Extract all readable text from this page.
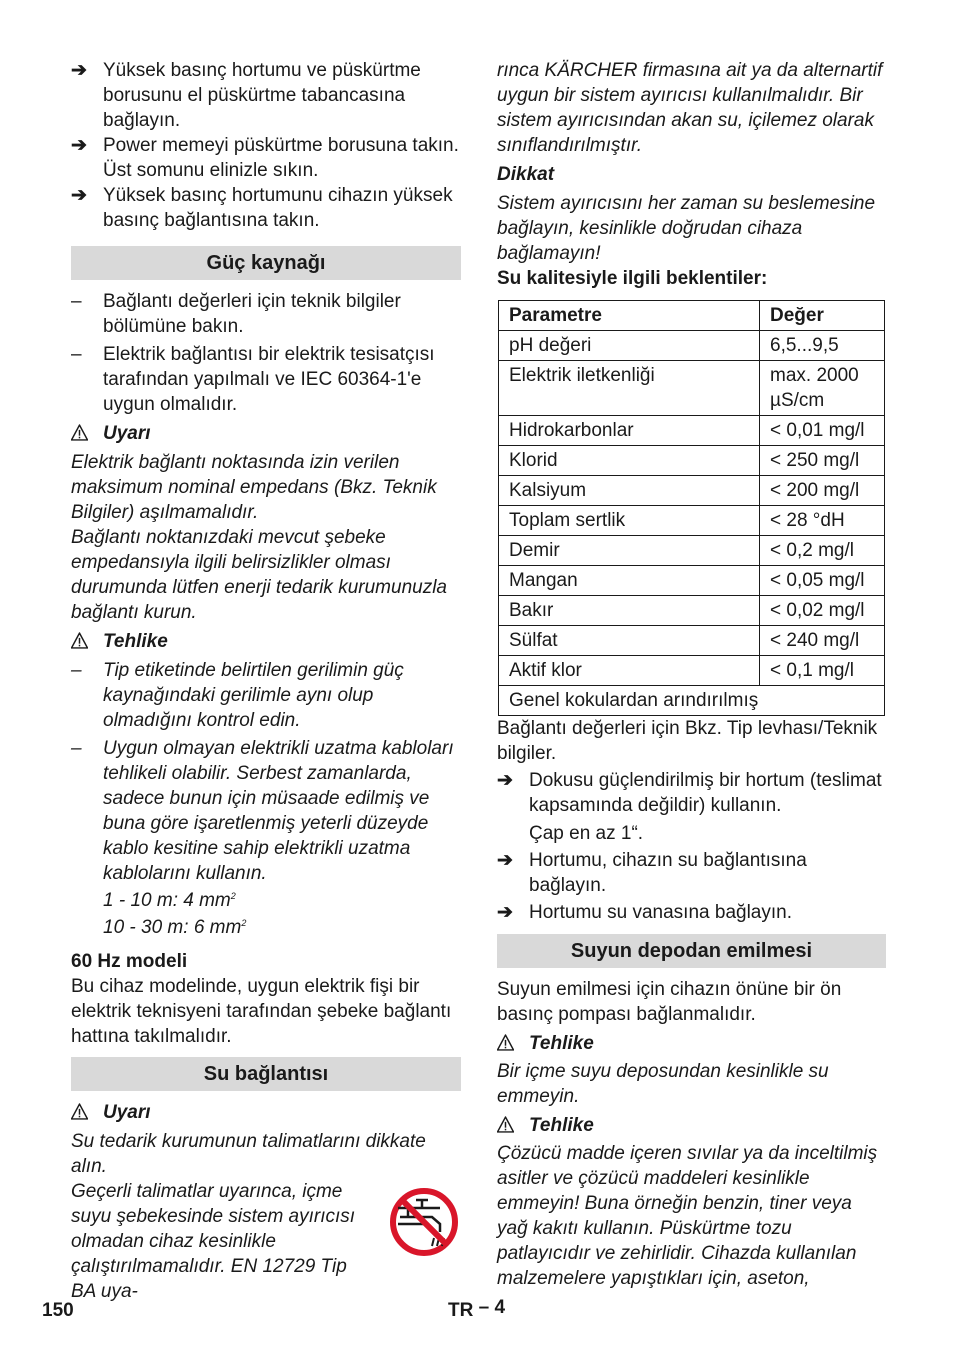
➔ Yüksek basınç hortumu ve püskürtme borusunu el püskürtme tabancasına bağlayın.

➔ Power memeyi püskürtme borusuna takın. Üst somunu elinizle sıkın.

➔ Yüksek basınç hortumunu cihazın yüksek basınç bağlantısına takın.

Güç kaynağı
– Bağlantı değerleri için teknik bilgiler bölümüne bakın.

– Elektrik bağlantısı bir elektrik tesisatçısı tarafından yapılmalı ve IEC 60364-1'e uygun olmalıdır.

Uyarı

Elektrik bağlantı noktasında izin verilen maksimum nominal empedans (Bkz. Teknik Bilgiler) aşılmamalıdır.

Bağlantı noktanızdaki mevcut şebeke empedansıyla ilgili belirsizlikler olması durumunda lütfen enerji tedarik kurumunuzla bağlantı kurun.

Tehlike
– Tip etiketinde belirtilen gerilimin güç kaynağındaki gerilimle aynı olup olmadığını kontrol edin.

– Uygun olmayan elektrikli uzatma kabloları tehlikeli olabilir. Serbest zamanlarda, sadece bunun için müsaade edilmiş ve buna göre işaretlenmiş yeterli düzeyde kablo kesitine sahip elektrikli uzatma kablolarını kullanın.

1 - 10 m: 4 $mm^2$

10 - 30 m: 6 $mm^2$

60 Hz modeli

Bu cihaz modelinde, uygun elektrik fişi bir elektrik teknisyeni tarafından şebeke bağlantı hattına takılmalıdır.

Su bağlantısı
Uyarı

Su tedarik kurumunun talimatlarını dikkate alın.

Geçerli talimatlar uyarınca, içme suyu şebekesinde sistem ayırıcısı olmadan cihaz kesinlikle çalıştırılmamalıdır. EN 12729 Tip BA uya-

rınca KÄRCHER firmasına ait ya da alternartif uygun bir sistem ayırıcısı kullanılmalıdır. Bir sistem ayırıcısından akan su, içilemez olarak sınıflandırılmıştır.

Dikkat

Sistem ayırıcısını her zaman su beslemesine bağlayın, kesinlikle doğrudan cihaza bağlamayın!

Su kalitesiyle ilgili beklentiler:

Parametre	Değer
pH değeri	6,5...9,5
Elektrik iletkenliği	max. 2000 µS/cm
Hidrokarbonlar	< 0,01 mg/l
Klorid	< 250 mg/l
Kalsiyum	< 200 mg/l
Toplam sertlik	< 28 °dH
Demir	< 0,2 mg/l
Mangan	< 0,05 mg/l
Bakır	< 0,02 mg/l
Sülfat	< 240 mg/l
Aktif klor	< 0,1 mg/l
Genel kokulardan arındırılmış	

Bağlantı değerleri için Bkz. Tip levhası/Teknik bilgiler.

➔ Dokusu güçlendirilmiş bir hortum (teslimat kapsamında değildir) kullanın.

Çap en az 1“.

➔ Hortumu, cihazın su bağlantısına bağlayın.

➔ Hortumu su vanasına bağlayın.

Suyun depodan emilmesi

Suyun emilmesi için cihazın önüne bir ön basınç pompası bağlanmalıdır.

Tehlike

Bir içme suyu deposundan kesinlikle su emmeyin.

Tehlike

Çözücü madde içeren sıvılar ya da inceltilmiş asitler ve çözücü maddeleri kesinlikle emmeyin! Buna örneğin benzin, tiner veya yağ kakıtı kullanın. Püskürtme tozu patlayıcıdır ve zehirlidir. Cihazda kullanılan malzemelere yapıştıkları için, aseton,

150	TR – 4
